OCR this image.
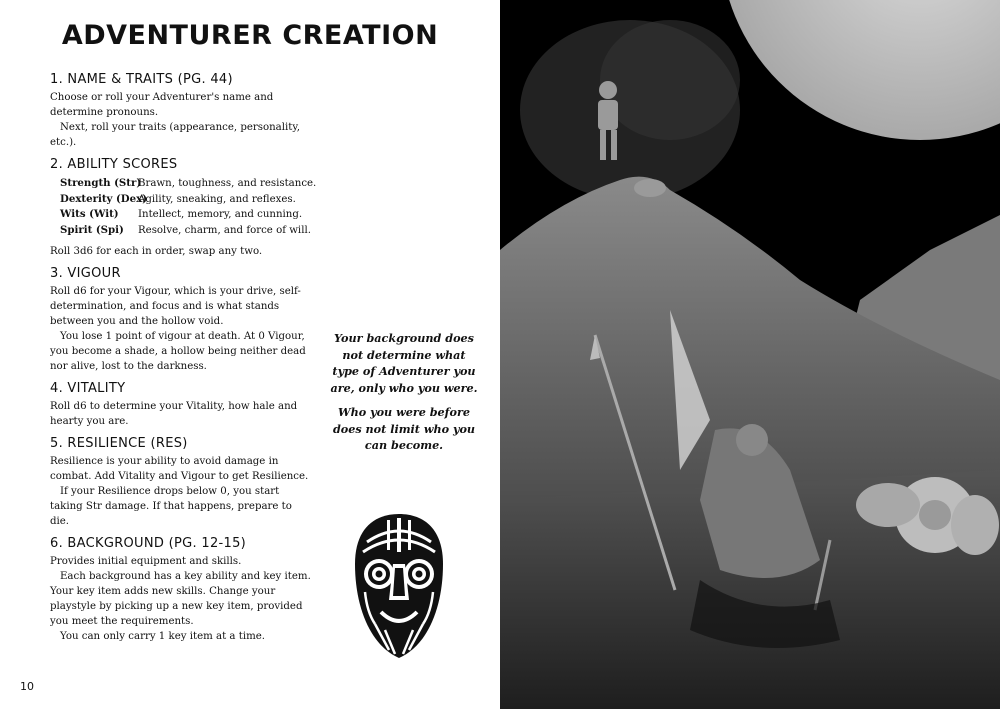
ADVENTURER CREATION
1. NAME & TRAITS (PG. 44)

Choose or roll your Adventurer's name and determine pronouns.

Next, roll your traits (appearance, personality, etc.).

2. ABILITY SCORES
Strength (Str)
Brawn, toughness, and resistance.
Dexterity (Dex)
Agility, sneaking, and reflexes.
Wits (Wit)	Intellect, memory, and cunning.
Spirit (Spi)	Resolve, charm, and force of will.

Roll 3d6 for each in order, swap any two.

3. VIGOUR

Roll d6 for your Vigour, which is your drive, self-determination, and focus and is what stands between you and the hollow void.

You lose 1 point of vigour at death. At 0 Vigour, you become a shade, a hollow being neither dead nor alive, lost to the darkness.

4. VITALITY

Roll d6 to determine your Vitality, how hale and hearty you are.

5. RESILIENCE (RES)

Resilience is your ability to avoid damage in combat. Add Vitality and Vigour to get Resilience.

If your Resilience drops below 0, you start taking Str damage. If that happens, prepare to die.

6. BACKGROUND (PG. 12-15)

Provides initial equipment and skills.

Each background has a key ability and key item. Your key item adds new skills. Change your playstyle by picking up a new key item, provided you meet the requirements.

You can only carry 1 key item at a time.

Your background does not determine what type of Adventurer you are, only who you were.

Who you were before does not limit who you can become.

10
